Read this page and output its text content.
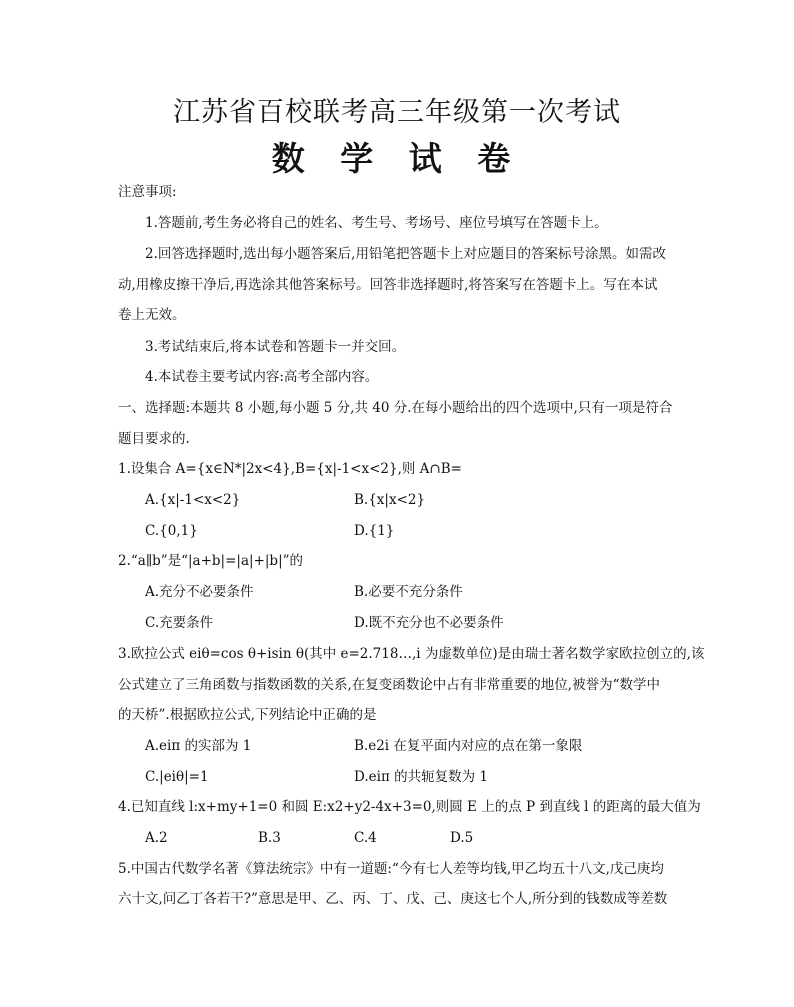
江苏省百校联考高三年级第一次考试
数 学 试 卷
注意事项:
1.答题前,考生务必将自己的姓名、考生号、考场号、座位号填写在答题卡上。
2.回答选择题时,选出每小题答案后,用铅笔把答题卡上对应题目的答案标号涂黑。如需改
动,用橡皮擦干净后,再选涂其他答案标号。回答非选择题时,将答案写在答题卡上。写在本试
卷上无效。
3.考试结束后,将本试卷和答题卡一并交回。
4.本试卷主要考试内容:高考全部内容。
一、选择题:本题共 8 小题,每小题 5 分,共 40 分.在每小题给出的四个选项中,只有一项是符合
题目要求的.
1.设集合 A={x∈N*|2x<4},B={x|-1<x<2},则 A∩B=
A.{x|-1<x<2}	B.{x|x<2}
C.{0,1}	D.{1}
2.“a∥b”是“|a+b|=|a|+|b|”的
A.充分不必要条件	B.必要不充分条件
C.充要条件	D.既不充分也不必要条件
3.欧拉公式 eiθ=cos θ+isin θ(其中 e=2.718…,i 为虚数单位)是由瑞士著名数学家欧拉创立的,该
公式建立了三角函数与指数函数的关系,在复变函数论中占有非常重要的地位,被誉为“数学中
的天桥”.根据欧拉公式,下列结论中正确的是
A.eiπ 的实部为 1	B.e2i 在复平面内对应的点在第一象限
C.|eiθ|=1	D.eiπ 的共轭复数为 1
4.已知直线 l:x+my+1=0 和圆 E:x2+y2-4x+3=0,则圆 E 上的点 P 到直线 l 的距离的最大值为
A.2	B.3	C.4	D.5
5.中国古代数学名著《算法统宗》中有一道题:“今有七人差等均钱,甲乙均五十八文,戊己庚均
六十文,问乙丁各若干?”意思是甲、乙、丙、丁、戊、己、庚这七个人,所分到的钱数成等差数
